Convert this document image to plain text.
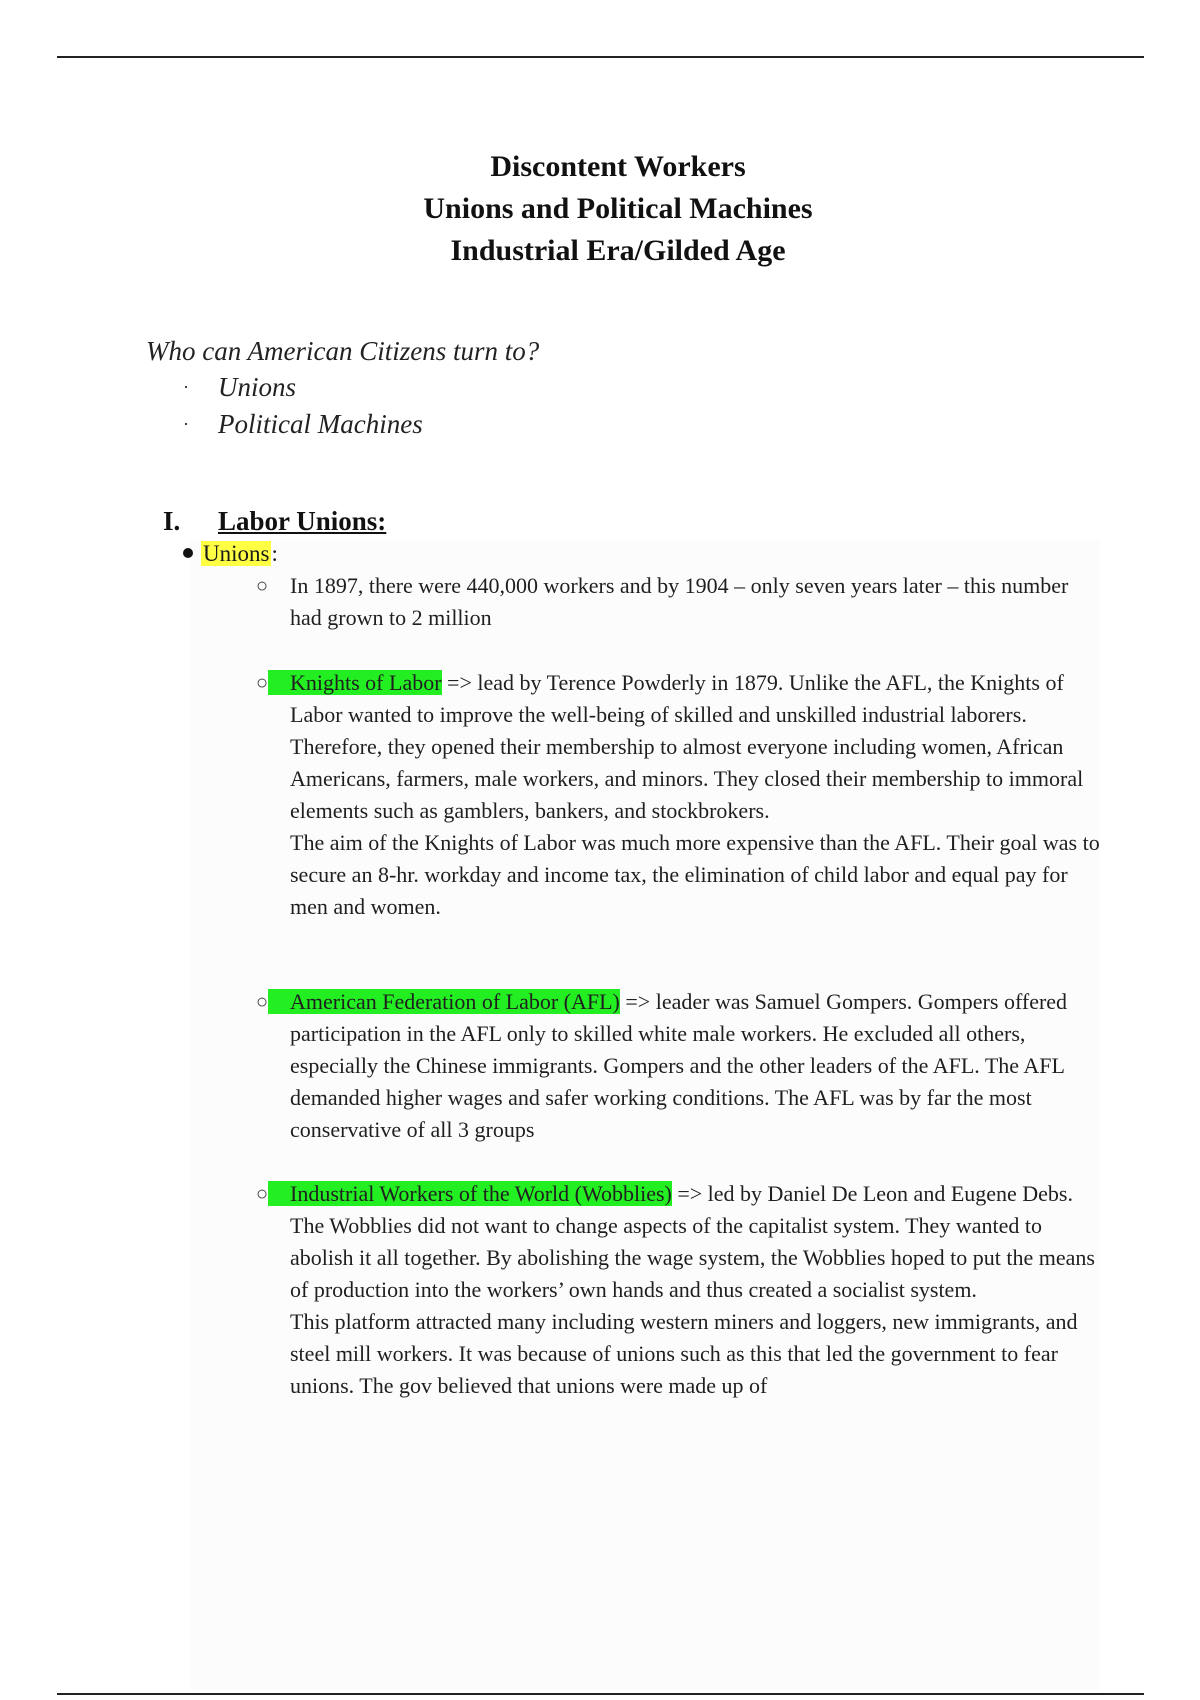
Discontent Workers
Unions and Political Machines
Industrial Era/Gilded Age
Who can American Citizens turn to?
· Unions
· Political Machines
I. Labor Unions:
Unions:
○ In 1897, there were 440,000 workers and by 1904 – only seven years later – this number had grown to 2 million

○ Knights of Labor => lead by Terence Powderly in 1879. Unlike the AFL, the Knights of Labor wanted to improve the well-being of skilled and unskilled industrial laborers. Therefore, they opened their membership to almost everyone including women, African Americans, farmers, male workers, and minors. They closed their membership to immoral elements such as gamblers, bankers, and stockbrokers.

The aim of the Knights of Labor was much more expensive than the AFL. Their goal was to secure an 8-hr. workday and income tax, the elimination of child labor and equal pay for men and women.

○ American Federation of Labor (AFL) => leader was Samuel Gompers. Gompers offered participation in the AFL only to skilled white male workers. He excluded all others, especially the Chinese immigrants. Gompers and the other leaders of the AFL. The AFL demanded higher wages and safer working conditions. The AFL was by far the most conservative of all 3 groups

○ Industrial Workers of the World (Wobblies) => led by Daniel De Leon and Eugene Debs. The Wobblies did not want to change aspects of the capitalist system. They wanted to abolish it all together. By abolishing the wage system, the Wobblies hoped to put the means of production into the workers’ own hands and thus created a socialist system.

This platform attracted many including western miners and loggers, new immigrants, and steel mill workers. It was because of unions such as this that led the government to fear unions. The gov believed that unions were made up of
